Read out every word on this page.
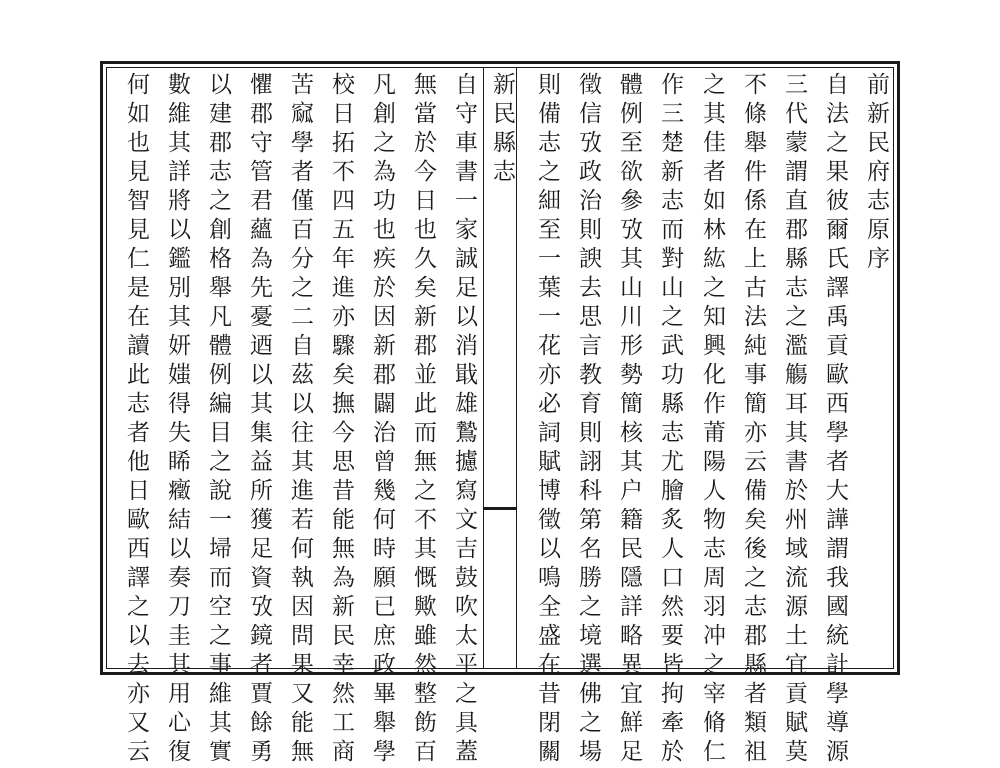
新民縣志	前新民府志原序
自法之果彼爾氏譯禹貢歐西學者大譁謂我國統計學導源
三代蒙謂直郡縣志之濫觴耳其書於州域流源土宜貢賦莫
不條舉件係在上古法純事簡亦云備矣後之志郡縣者類祖
之其佳者如林紘之知興化作莆陽人物志周羽冲之宰脩仁
作三楚新志而對山之武功縣志尤膾炙人口然要皆拘牽於
體例至欲參攷其山川形勢簡核其户籍民隱詳略異宜鮮足
徵信攷政治則諛去思言教育則詡科第名勝之境選佛之場
則備志之細至一葉一花亦必詞賦博徵以鳴全盛在昔閉關
自守車書一家誠足以消戢雄鷙攄寫文吉鼓吹太平之具蓋
無當於今日也久矣新郡並此而無之不其慨歟雖然整飭百
凡創之為功也疾於因新郡闢治曾幾何時願已庶政畢舉學
校日拓不四五年進亦驟矣撫今思昔能無為新民幸然工商
苦窳學者僅百分之二自茲以往其進若何執因問果又能無
懼郡守管君蘊為先憂迺以其集益所獲足資攷鏡者賈餘勇
以建郡志之創格舉凡體例編目之說一埽而空之事維其實
數維其詳將以鑑別其妍媸得失睎癥結以奏刀圭其用心復
何如也見智見仁是在讀此志者他日歐西譯之以去亦又云
